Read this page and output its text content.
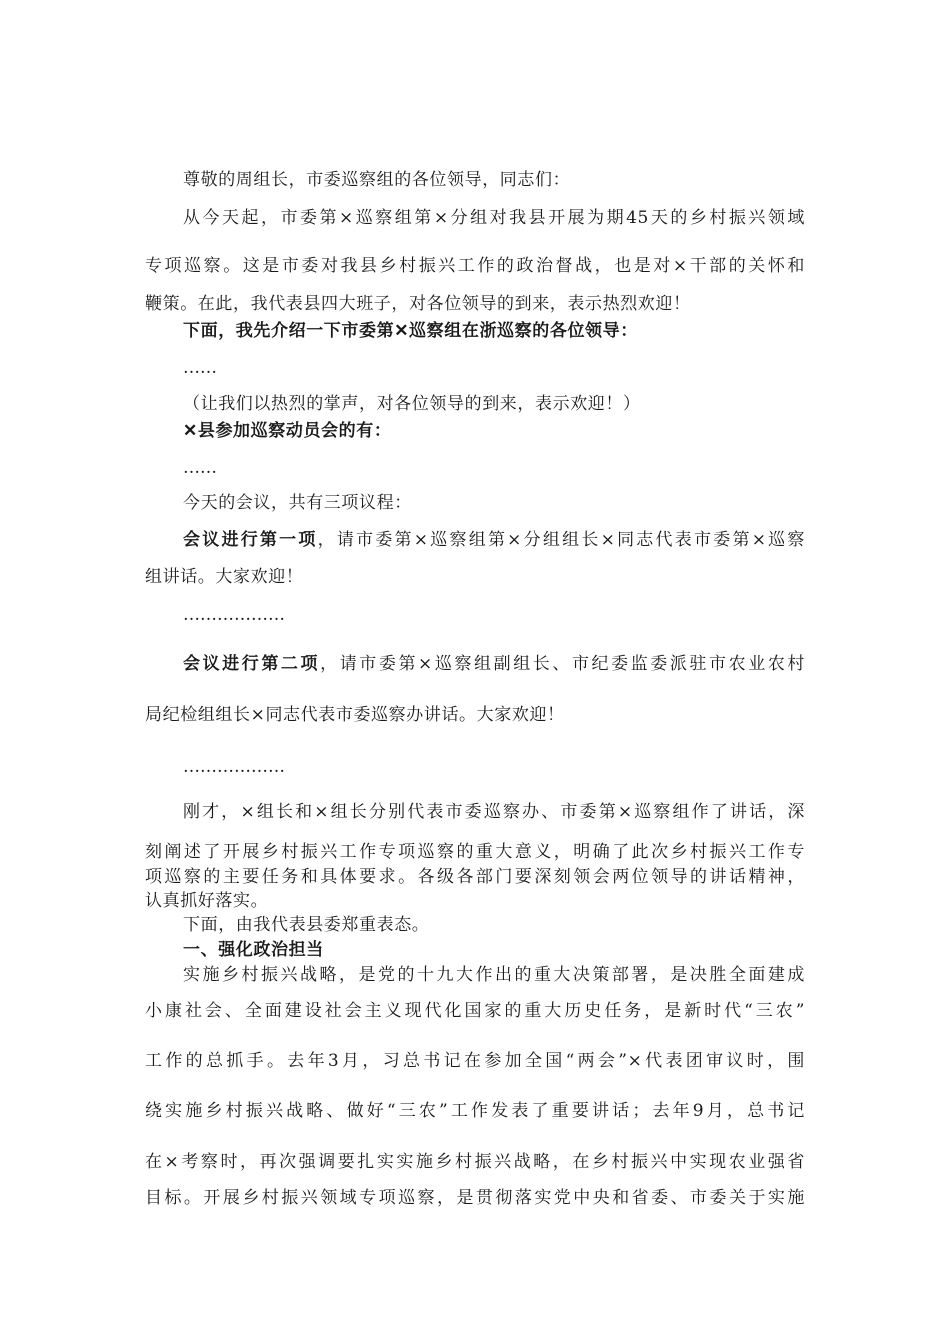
尊敬的周组长，市委巡察组的各位领导，同志们：
从今天起，市委第×巡察组第×分组对我县开展为期45天的乡村振兴领域
专项巡察。这是市委对我县乡村振兴工作的政治督战，也是对×干部的关怀和
鞭策。在此，我代表县四大班子，对各位领导的到来，表示热烈欢迎！
下面，我先介绍一下市委第✕巡察组在浙巡察的各位领导：
……
（让我们以热烈的掌声，对各位领导的到来，表示欢迎！）
✕县参加巡察动员会的有：
……
今天的会议，共有三项议程：
会议进行第一项，请市委第×巡察组第×分组组长×同志代表市委第×巡察
组讲话。大家欢迎！
………………
会议进行第二项，请市委第×巡察组副组长、市纪委监委派驻市农业农村
局纪检组组长×同志代表市委巡察办讲话。大家欢迎！
………………
刚才，×组长和×组长分别代表市委巡察办、市委第×巡察组作了讲话，深
刻阐述了开展乡村振兴工作专项巡察的重大意义，明确了此次乡村振兴工作专
项巡察的主要任务和具体要求。各级各部门要深刻领会两位领导的讲话精神，
认真抓好落实。
下面，由我代表县委郑重表态。
一、强化政治担当
实施乡村振兴战略，是党的十九大作出的重大决策部署，是决胜全面建成
小康社会、全面建设社会主义现代化国家的重大历史任务，是新时代“三农”
工作的总抓手。去年3月，习总书记在参加全国“两会”×代表团审议时，围
绕实施乡村振兴战略、做好“三农”工作发表了重要讲话；去年9月，总书记
在×考察时，再次强调要扎实实施乡村振兴战略，在乡村振兴中实现农业强省
目标。开展乡村振兴领域专项巡察，是贯彻落实党中央和省委、市委关于实施
